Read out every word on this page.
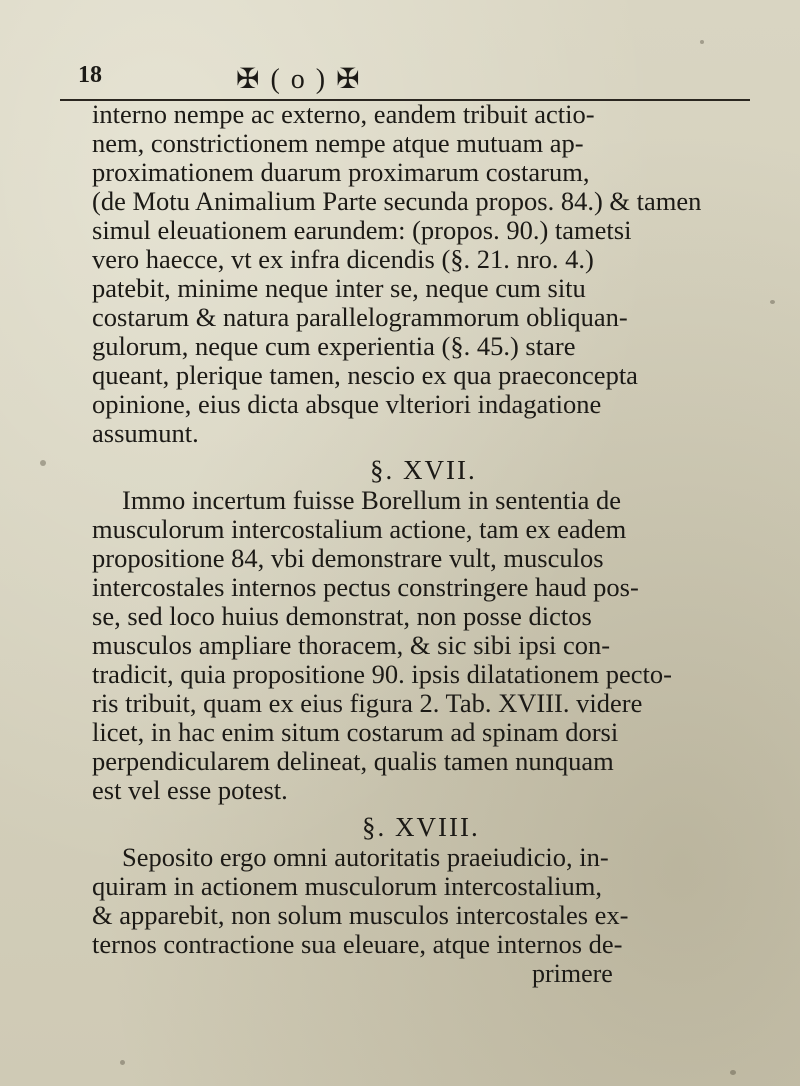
18	✠ ( o ) ✠
interno nempe ac externo, eandem tribuit actio-
nem, constrictionem nempe atque mutuam ap-
proximationem duarum proximarum costarum,
(de Motu Animalium Parte secunda propos. 84.) & tamen
simul eleuationem earundem: (propos. 90.) tametsi
vero haecce, vt ex infra dicendis (§. 21. nro. 4.)
patebit, minime neque inter se, neque cum situ
costarum & natura parallelogrammorum obliquan-
gulorum, neque cum experientia (§. 45.) stare
queant, plerique tamen, nescio ex qua praeconcepta
opinione, eius dicta absque vlteriori indagatione
assumunt.
§. XVII.
Immo incertum fuisse Borellum in sententia de
musculorum intercostalium actione, tam ex eadem
propositione 84, vbi demonstrare vult, musculos
intercostales internos pectus constringere haud pos-
se, sed loco huius demonstrat, non posse dictos
musculos ampliare thoracem, & sic sibi ipsi con-
tradicit, quia propositione 90. ipsis dilatationem pecto-
ris tribuit, quam ex eius figura 2. Tab. XVIII. videre
licet, in hac enim situm costarum ad spinam dorsi
perpendicularem delineat, qualis tamen nunquam
est vel esse potest.
§. XVIII.
Seposito ergo omni autoritatis praeiudicio, in-
quiram in actionem musculorum intercostalium,
& apparebit, non solum musculos intercostales ex-
ternos contractione sua eleuare, atque internos de-
primere
